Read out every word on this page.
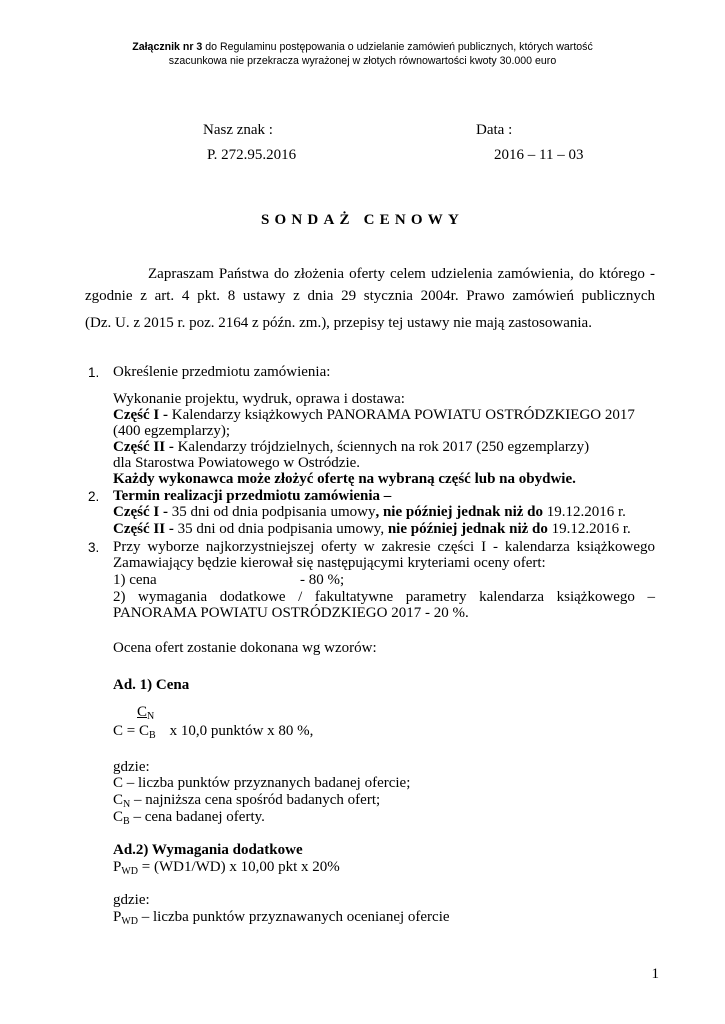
Załącznik nr 3 do Regulaminu postępowania o udzielanie zamówień publicznych, których wartość
szacunkowa nie przekracza wyrażonej w złotych równowartości kwoty 30.000 euro
Nasz znak :
P. 272.95.2016
Data :
2016 – 11 – 03
SONDAŻ CENOWY
Zapraszam Państwa do złożenia oferty celem udzielenia zamówienia, do którego -
zgodnie z art. 4 pkt. 8 ustawy z dnia 29 stycznia 2004r. Prawo zamówień publicznych
(Dz. U. z 2015 r. poz. 2164 z późn. zm.), przepisy tej ustawy nie mają zastosowania.
1. Określenie przedmiotu zamówienia:
Wykonanie projektu, wydruk, oprawa i dostawa:
Część I - Kalendarzy książkowych PANORAMA POWIATU OSTRÓDZKIEGO 2017
(400 egzemplarzy);
Część II - Kalendarzy trójdzielnych, ściennych na rok 2017 (250 egzemplarzy)
dla Starostwa Powiatowego w Ostródzie.
Każdy wykonawca może złożyć ofertę na wybraną część lub na obydwie.
2. Termin realizacji przedmiotu zamówienia –
Część I - 35 dni od dnia podpisania umowy, nie później jednak niż do 19.12.2016 r.
Część II - 35 dni od dnia podpisania umowy, nie później jednak niż do 19.12.2016 r.
3. Przy wyborze najkorzystniejszej oferty w zakresie części I - kalendarza książkowego
Zamawiający będzie kierował się następującymi kryteriami oceny ofert:
1) cena	- 80 %;
2) wymagania dodatkowe / fakultatywne parametry kalendarza książkowego –
PANORAMA POWIATU OSTRÓDZKIEGO 2017 - 20 %.
Ocena ofert zostanie dokonana wg wzorów:
Ad. 1) Cena
$C_N$
$C = C_B$ x 10,0 punktów x 80 %,
gdzie:
C – liczba punktów przyznanych badanej ofercie;
$C_N$ – najniższa cena spośród badanych ofert;
$C_B$ – cena badanej oferty.
Ad.2) Wymagania dodatkowe
$P_{WD} = (WD1/WD)$ x 10,00 pkt x 20%
gdzie:
$P_{WD}$ – liczba punktów przyznawanych ocenianej ofercie
1
